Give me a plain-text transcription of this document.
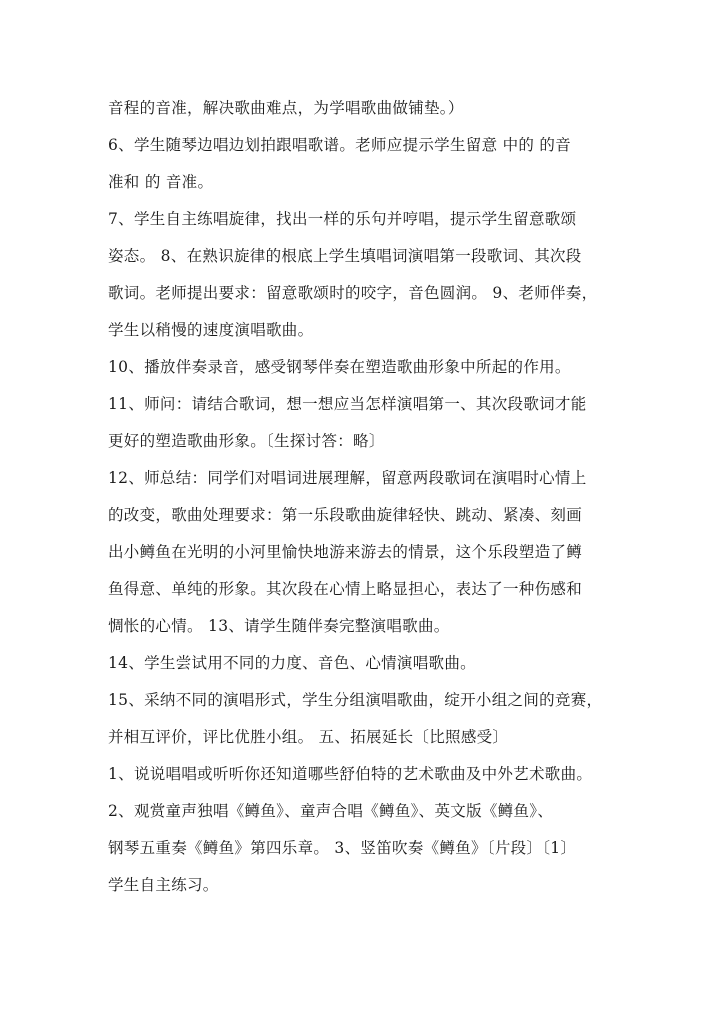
音程的音准，解决歌曲难点，为学唱歌曲做铺垫。）
6、学生随琴边唱边划拍跟唱歌谱。老师应提示学生留意 中的 的音
准和 的 音准。
7、学生自主练唱旋律，找出一样的乐句并哼唱，提示学生留意歌颂
姿态。 8、在熟识旋律的根底上学生填唱词演唱第一段歌词、其次段
歌词。老师提出要求：留意歌颂时的咬字，音色圆润。 9、老师伴奏，
学生以稍慢的速度演唱歌曲。
10、播放伴奏录音，感受钢琴伴奏在塑造歌曲形象中所起的作用。
11、师问：请结合歌词，想一想应当怎样演唱第一、其次段歌词才能
更好的塑造歌曲形象。〔生探讨答：略〕
12、师总结：同学们对唱词进展理解，留意两段歌词在演唱时心情上
的改变，歌曲处理要求：第一乐段歌曲旋律轻快、跳动、紧凑、刻画
出小鳟鱼在光明的小河里愉快地游来游去的情景，这个乐段塑造了鳟
鱼得意、单纯的形象。其次段在心情上略显担心，表达了一种伤感和
惆怅的心情。 13、请学生随伴奏完整演唱歌曲。
14、学生尝试用不同的力度、音色、心情演唱歌曲。
15、采纳不同的演唱形式，学生分组演唱歌曲，绽开小组之间的竞赛，
并相互评价，评比优胜小组。 五、拓展延长〔比照感受〕
1、说说唱唱或听听你还知道哪些舒伯特的艺术歌曲及中外艺术歌曲。
2、观赏童声独唱《鳟鱼》、童声合唱《鳟鱼》、英文版《鳟鱼》、
钢琴五重奏《鳟鱼》第四乐章。 3、竖笛吹奏《鳟鱼》〔片段〕〔1〕
学生自主练习。
